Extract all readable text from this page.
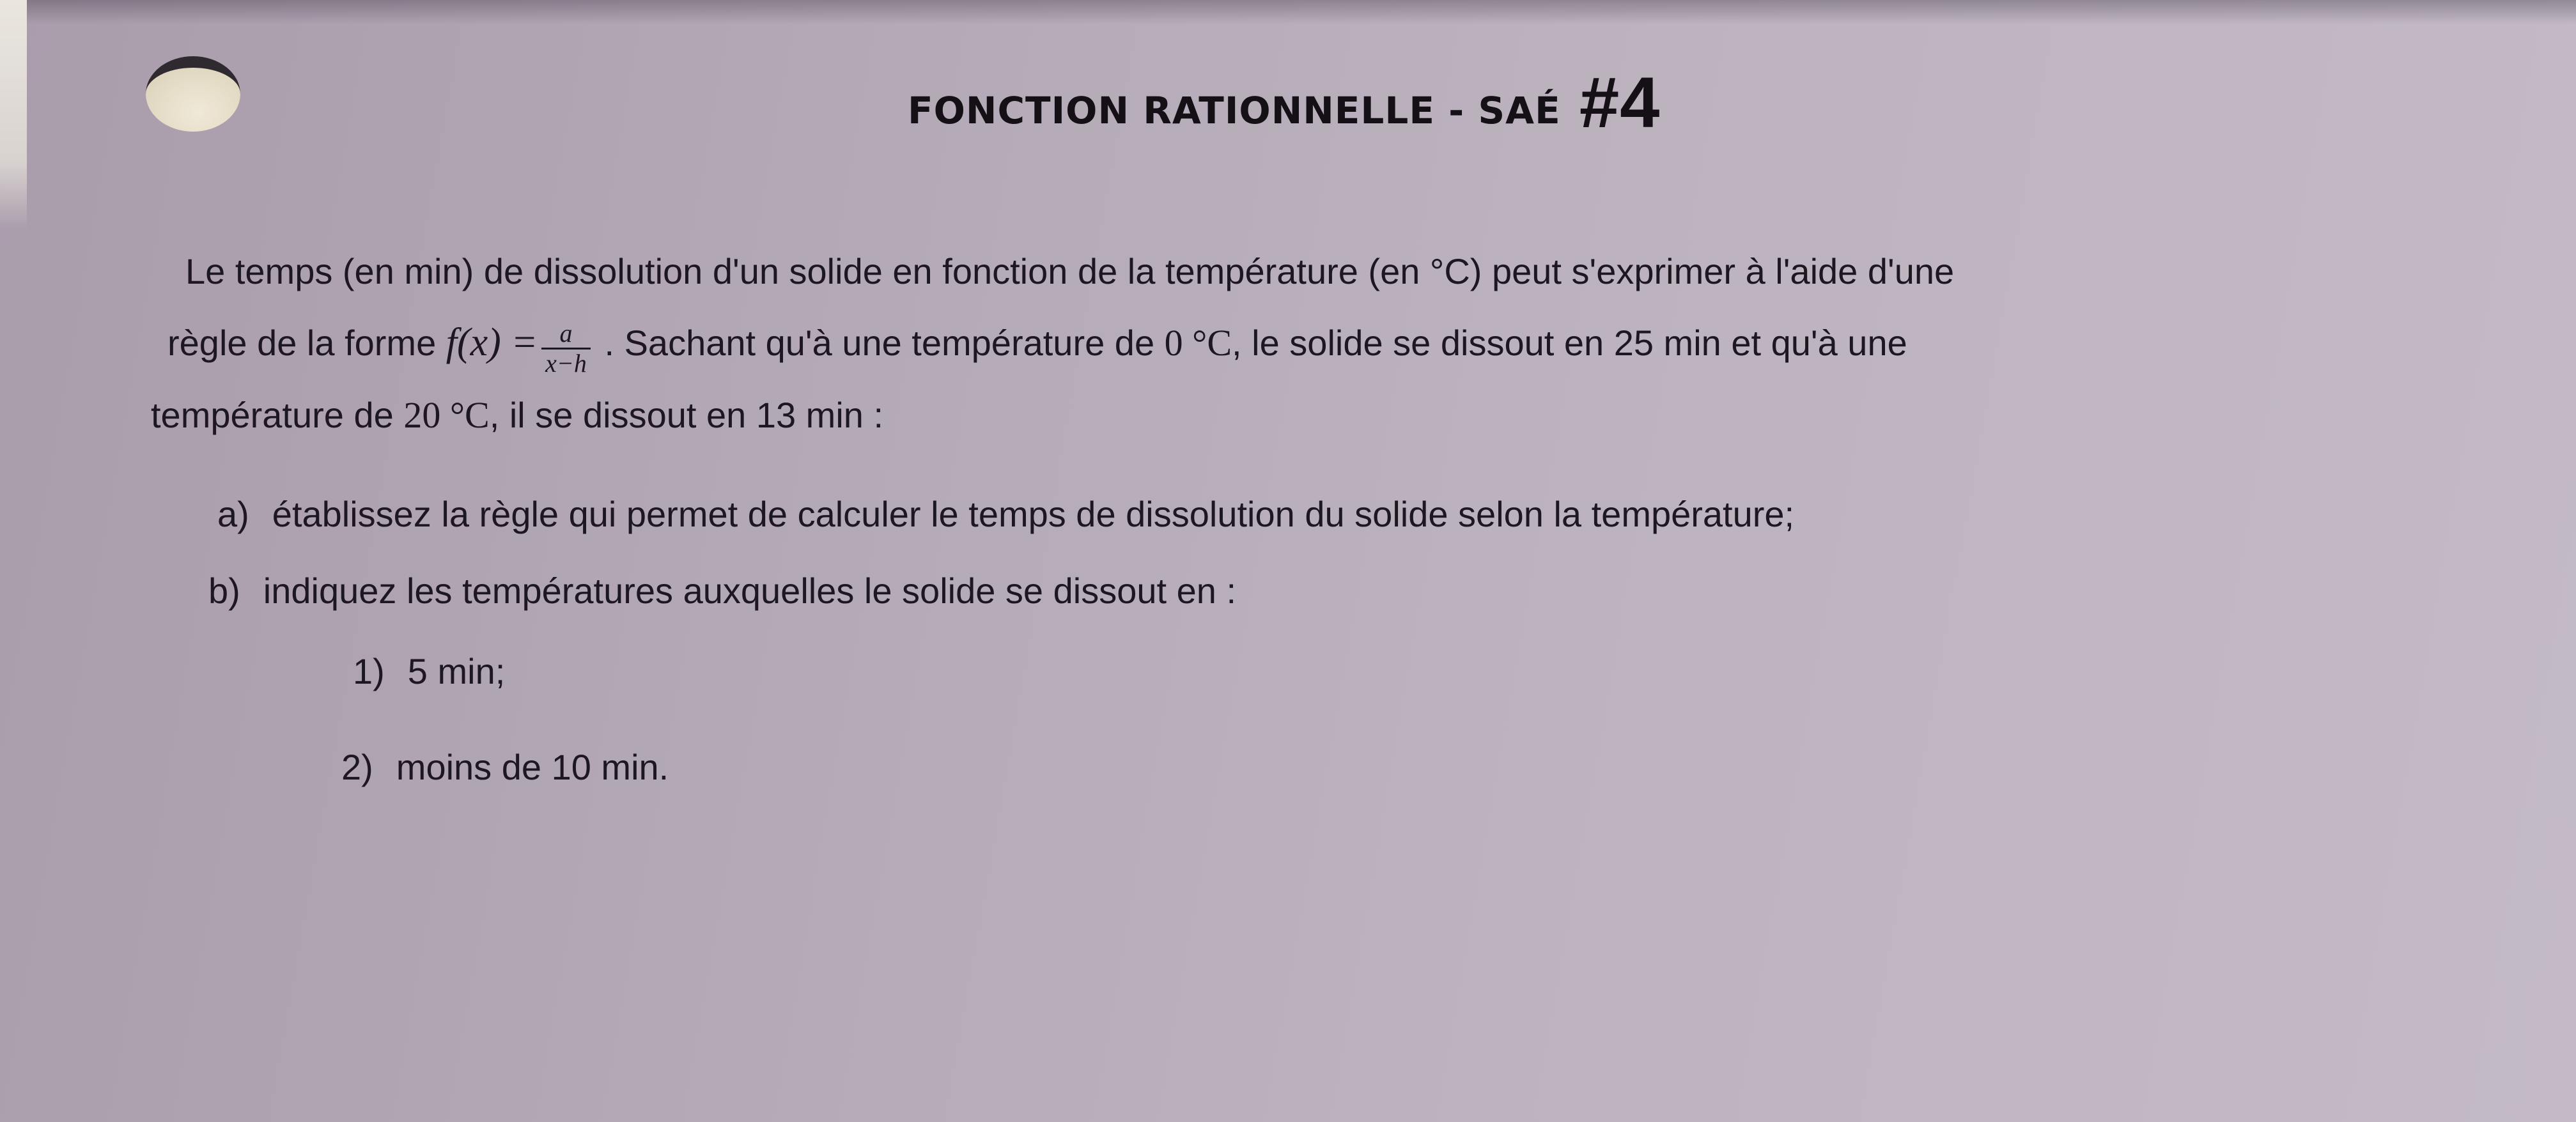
FONCTION RATIONNELLE - SAÉ #4
Le temps (en min) de dissolution d'un solide en fonction de la température (en °C) peut s'exprimer à l'aide d'une
règle de la forme $f(x) = \frac{a}{x-h}$ . Sachant qu'à une température de 0 °C, le solide se dissout en 25 min et qu'à une
température de 20 °C, il se dissout en 13 min :
a) établissez la règle qui permet de calculer le temps de dissolution du solide selon la température;
b) indiquez les températures auxquelles le solide se dissout en :
1) 5 min;
2) moins de 10 min.
